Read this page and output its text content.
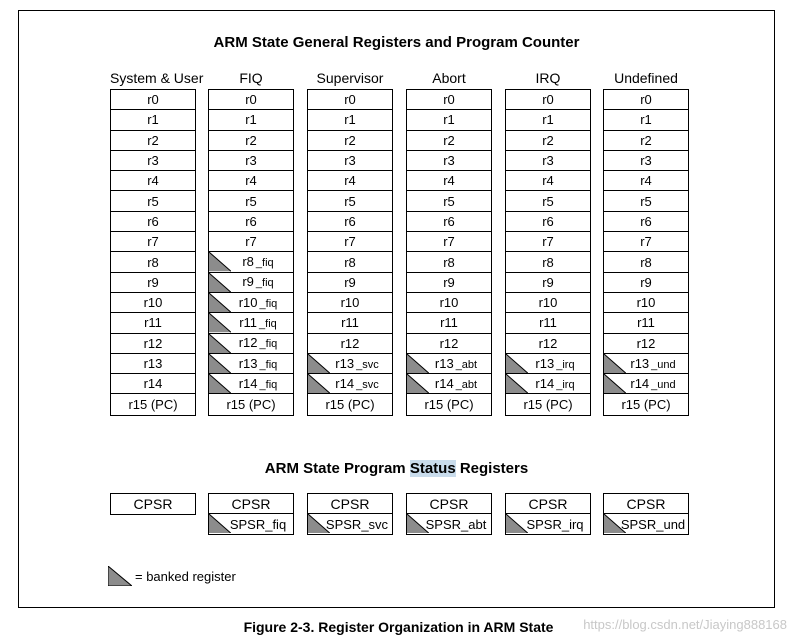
ARM State General Registers and Program Counter
System & User
r0
r1
r2
r3
r4
r5
r6
r7
r8
r9
r10
r11
r12
r13
r14
r15 (PC)
FIQ
r0
r1
r2
r3
r4
r5
r6
r7
r8 _fiq
r9 _fiq
r10 _fiq
r11 _fiq
r12 _fiq
r13 _fiq
r14 _fiq
r15 (PC)
Supervisor
r0
r1
r2
r3
r4
r5
r6
r7
r8
r9
r10
r11
r12
r13 _svc
r14 _svc
r15 (PC)
Abort
r0
r1
r2
r3
r4
r5
r6
r7
r8
r9
r10
r11
r12
r13 _abt
r14 _abt
r15 (PC)
IRQ
r0
r1
r2
r3
r4
r5
r6
r7
r8
r9
r10
r11
r12
r13 _irq
r14 _irq
r15 (PC)
Undefined
r0
r1
r2
r3
r4
r5
r6
r7
r8
r9
r10
r11
r12
r13 _und
r14 _und
r15 (PC)
ARM State Program Status Registers
CPSR	CPSR
SPSR_fiq
CPSR
SPSR_svc
CPSR
SPSR_abt
CPSR
SPSR_irq
CPSR
SPSR_und
= banked register
Figure 2-3. Register Organization in ARM State	https://blog.csdn.net/Jiaying888168
